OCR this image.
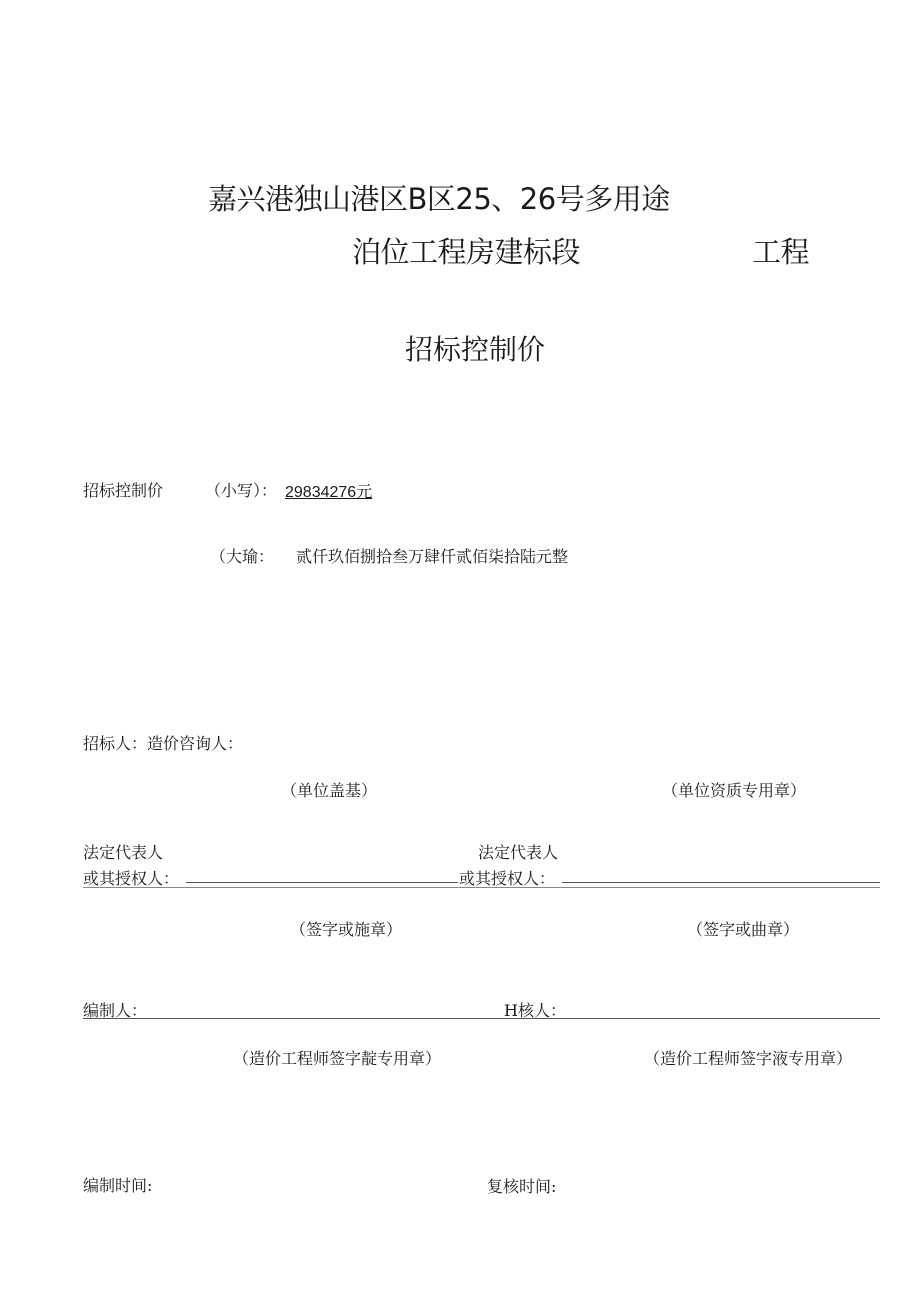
嘉兴港独山港区B区25、26号多用途
泊位工程房建标段	工程
招标控制价
招标控制价	（小写）： 29834276元
（大瑜： 贰仟玖佰捌拾叁万肆仟贰佰柒拾陆元整
招标人：造价咨询人：
（单位盖基）	（单位资质专用章）
法定代表人	法定代表人
或其授权人：	或其授权人：
（签字或施章）	（签字或曲章）
编制人：	H核人：
（造价工程师签字靛专用章）	（造价工程师签字液专用章）
编制时间:	复核时间:
